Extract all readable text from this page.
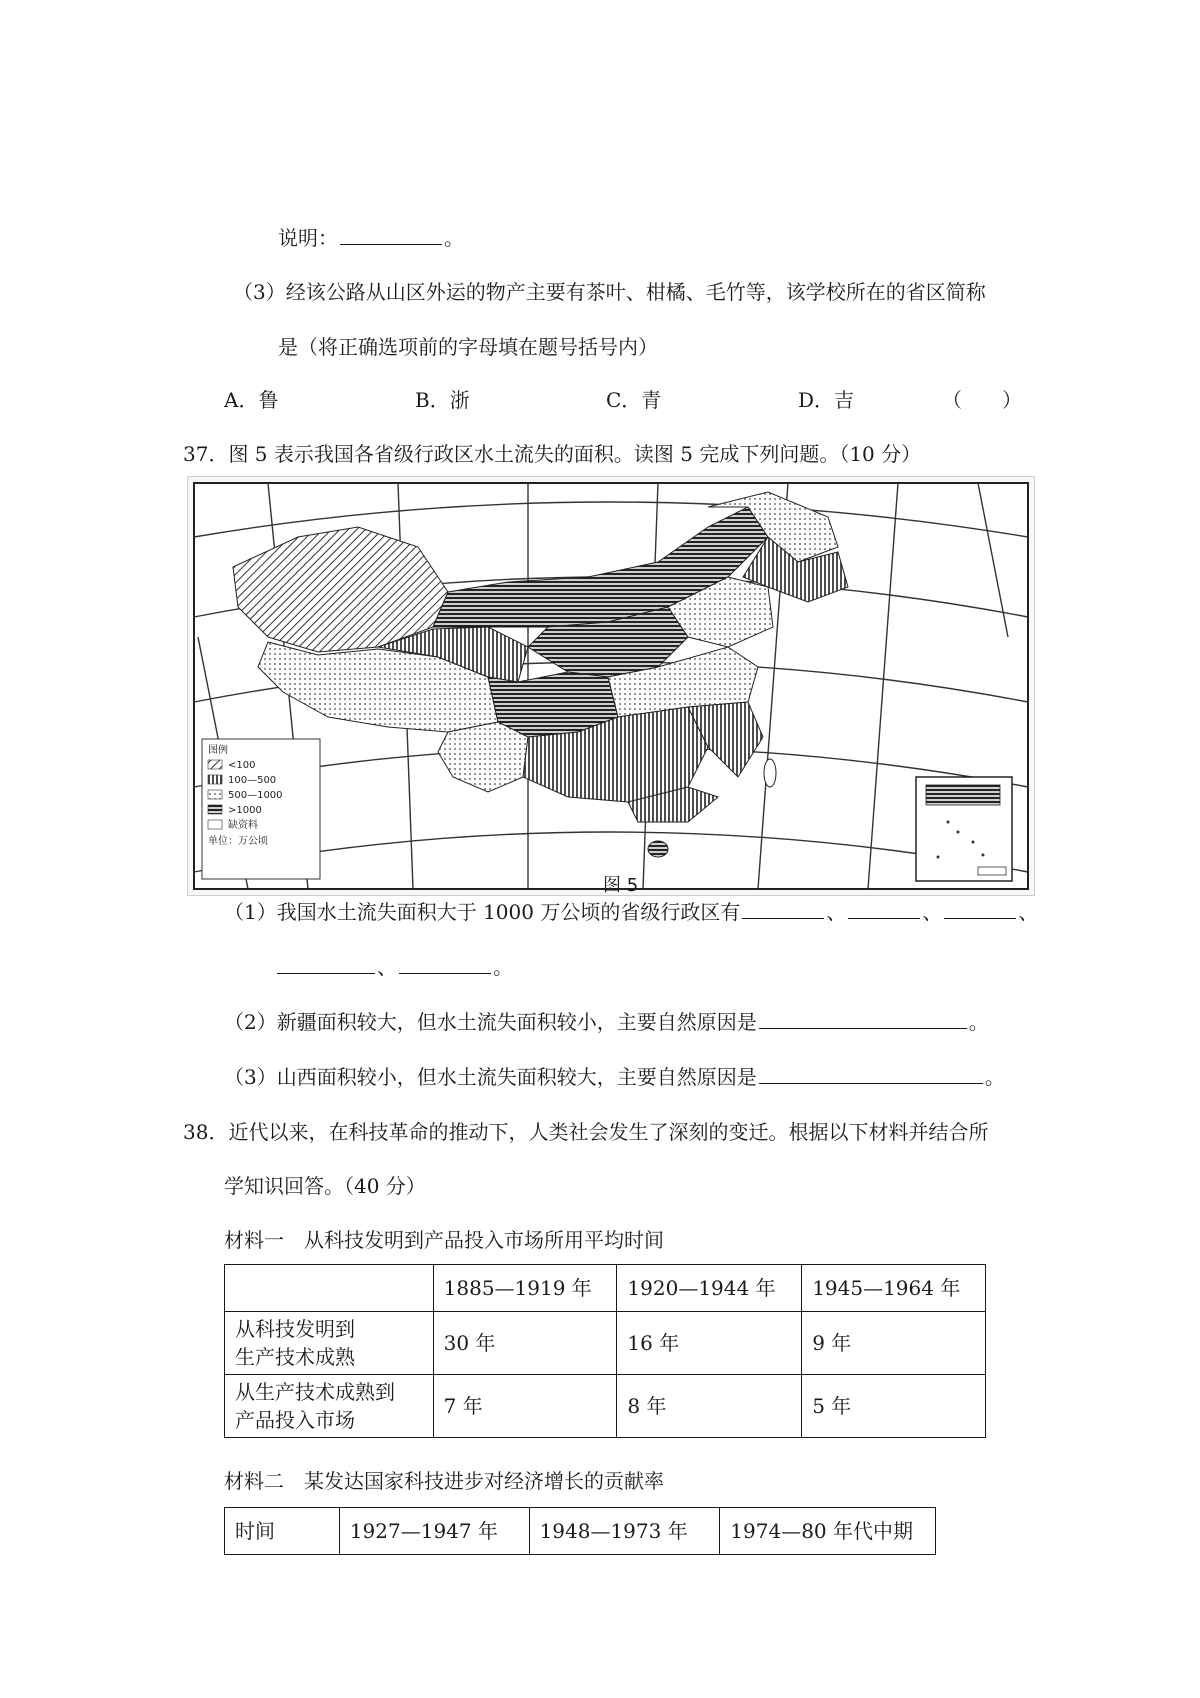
说明：	。
（3）经该公路从山区外运的物产主要有茶叶、柑橘、毛竹等，该学校所在的省区简称
是（将正确选项前的字母填在题号括号内）
A．鲁	B．浙	C．青	D．吉	（　　）
37．图 5 表示我国各省级行政区水土流失的面积。读图 5 完成下列问题。（10 分）
图例
<100
100—500
500—1000
>1000
缺资料
单位：万公顷
图 5
（1）我国水土流失面积大于 1000 万公顷的省级行政区有	、	、	、
、	。
（2）新疆面积较大，但水土流失面积较小，主要自然原因是	。
（3）山西面积较小，但水土流失面积较大，主要自然原因是	。
38．近代以来，在科技革命的推动下，人类社会发生了深刻的变迁。根据以下材料并结合所
学知识回答。（40 分）
材料一　从科技发明到产品投入市场所用平均时间
	1885—1919 年	1920—1944 年	1945—1964 年
从科技发明到
生产技术成熟	30 年	16 年	9 年
从生产技术成熟到
产品投入市场	7 年	8 年	5 年
材料二　某发达国家科技进步对经济增长的贡献率
时间	1927—1947 年	1948—1973 年	1974—80 年代中期
